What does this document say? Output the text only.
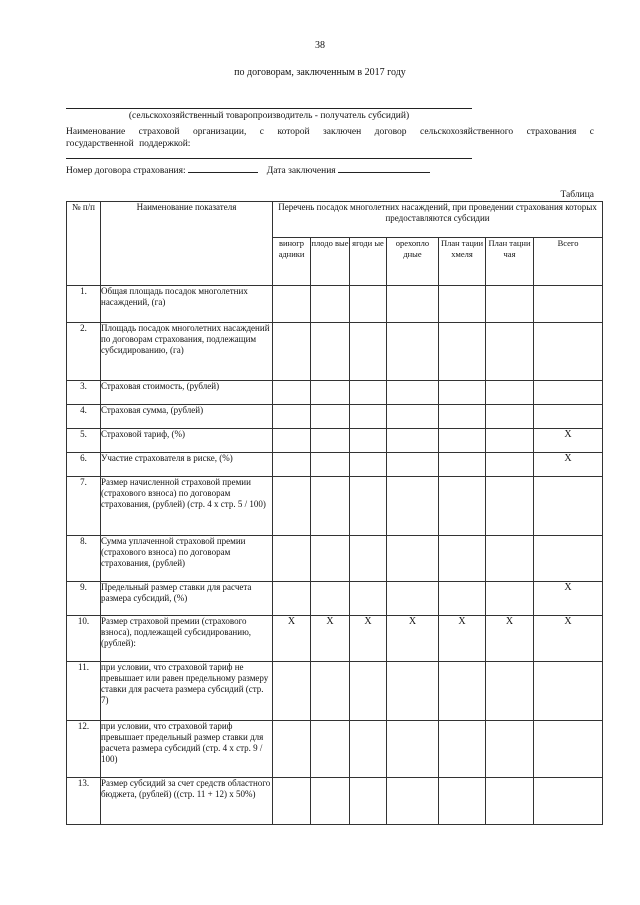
38
по договорам, заключенным в 2017 году
(сельскохозяйственный товаропроизводитель - получатель субсидий)
Наименование страховой организации, с которой заключен договор сельскохозяйственного страхования с государственной поддержкой:
Номер договора страхования:	Дата заключения
Таблица
№ п/п	Наименование показателя	Перечень посадок многолетних насаждений, при проведении страхования которых предоставляются субсидии						
		виногр адники	плодо вые	ягоди ые	орехопло дные	План тации хмеля	План тацни чая	Всего
1.	Общая площадь посадок многолетних насаждений, (га)							
2.	Площадь посадок многолетних насаждений по договорам страхования, подлежащим субсидированию, (га)							
3.	Страховая стоимость, (рублей)							
4.	Страховая сумма, (рублей)							
5.	Страховой тариф, (%)							X
6.	Участие страхователя в риске, (%)							X
7.	Размер начисленной страховой премии (страхового взноса) по договорам страхования, (рублей) (стр. 4 x стр. 5 / 100)							
8.	Сумма уплаченной страховой премии (страхового взноса) по договорам страхования, (рублей)							
9.	Предельный размер ставки для расчета размера субсидий, (%)							X
10.	Размер страховой премии (страхового взноса), подлежащей субсидированию, (рублей):	X	X	X	X	X	X	X
11.	при условии, что страховой тариф не превышает или равен предельному размеру ставки для расчета размера субсидий (стр. 7)							
12.	при условии, что страховой тариф превышает предельный размер ставки для расчета размера субсидий (стр. 4 x стр. 9 / 100)							
13.	Размер субсидий за счет средств областного бюджета, (рублей) ((стр. 11 + 12) x 50%)							
